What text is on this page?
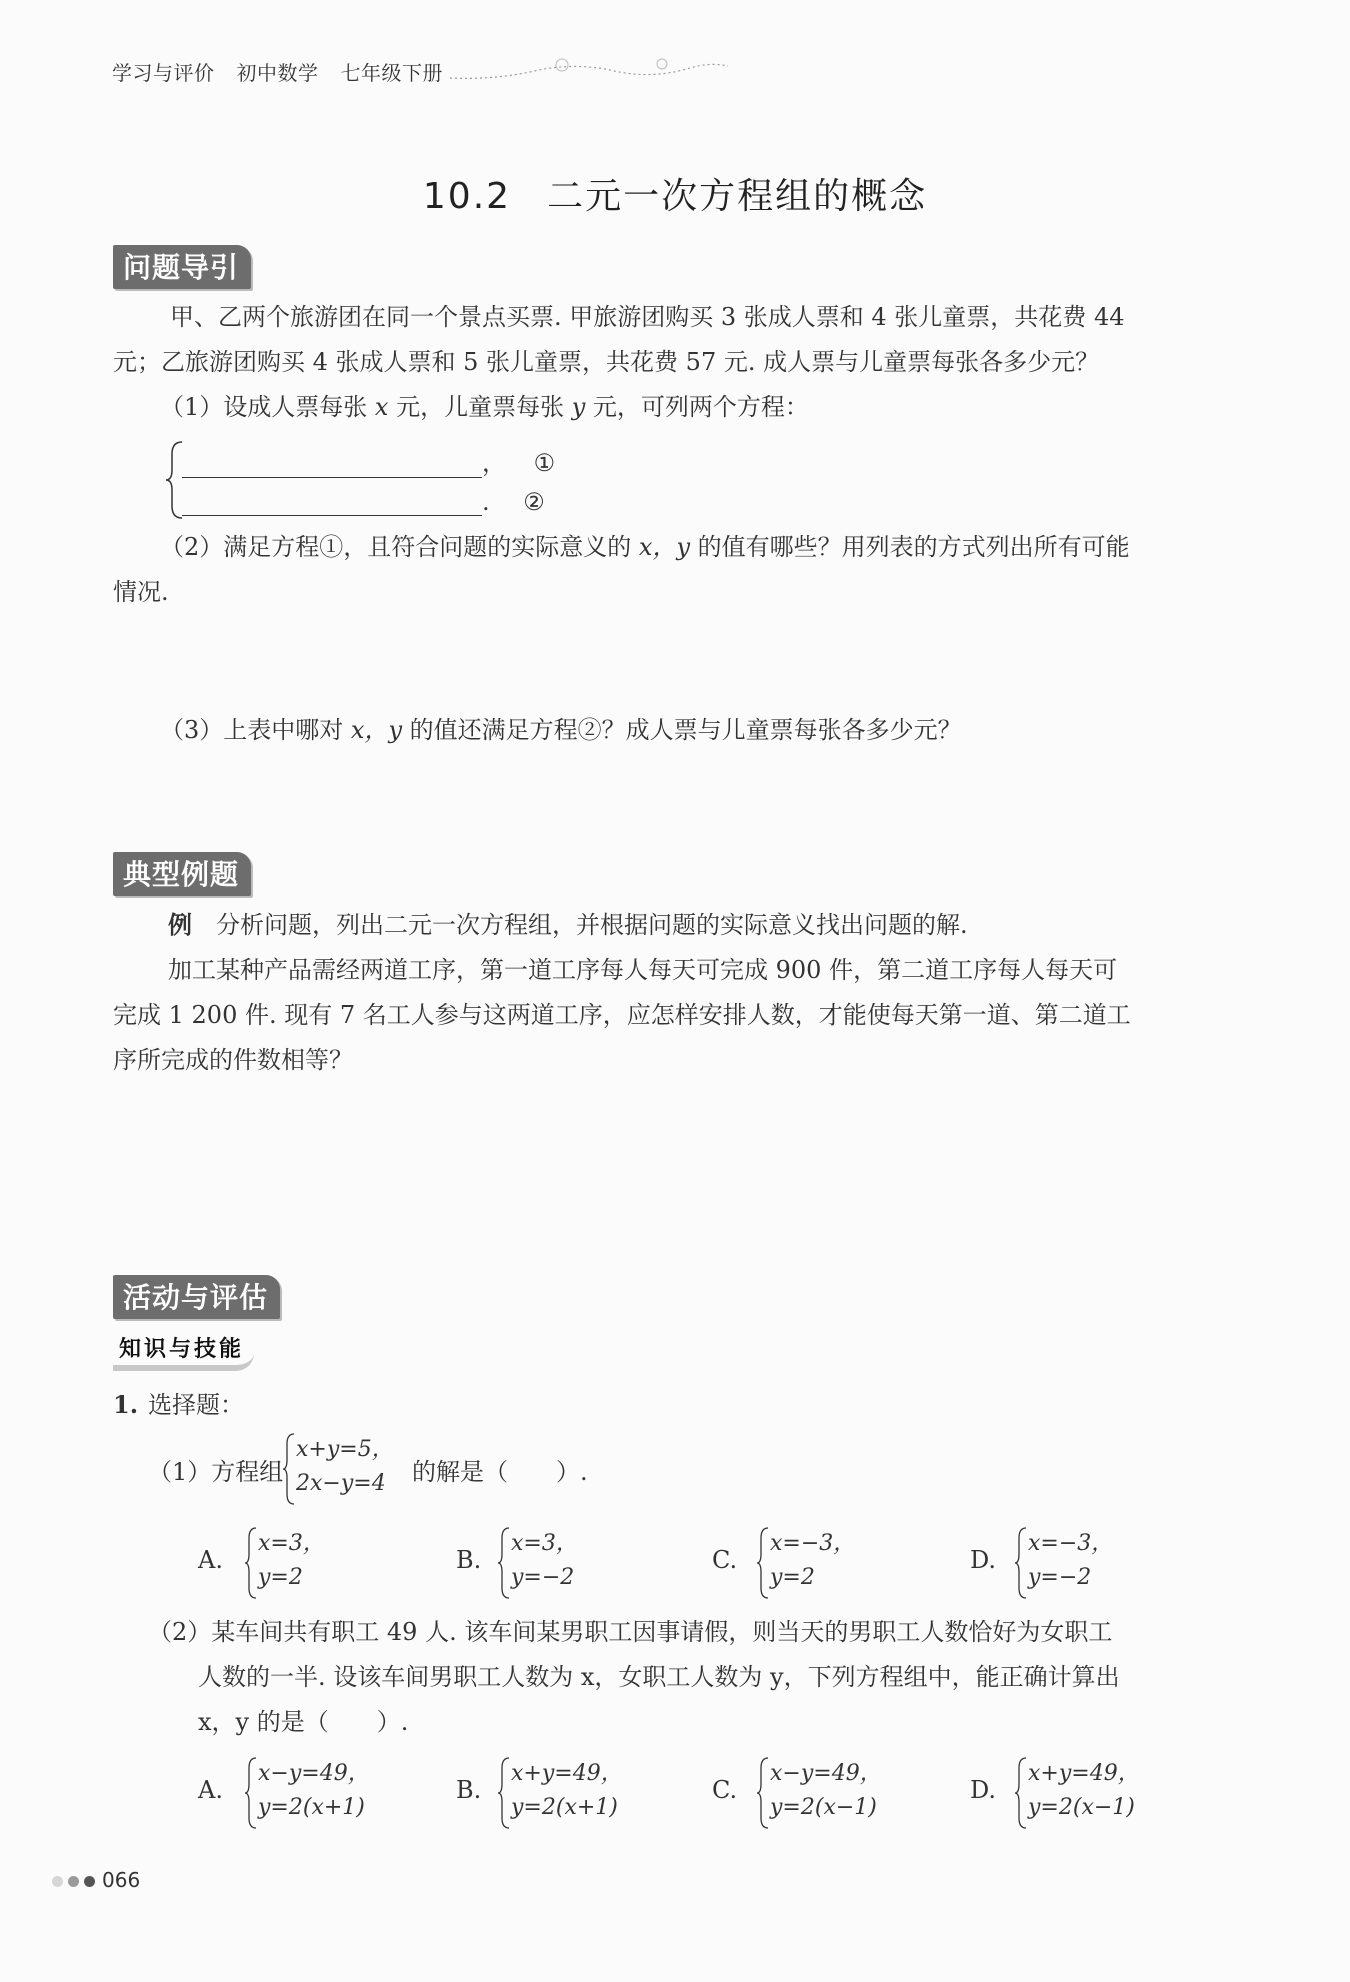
学习与评价 初中数学 七年级下册
10.2 二元一次方程组的概念
问题导引
甲、乙两个旅游团在同一个景点买票. 甲旅游团购买 3 张成人票和 4 张儿童票，共花费 44
元；乙旅游团购买 4 张成人票和 5 张儿童票，共花费 57 元. 成人票与儿童票每张各多少元？
（1）设成人票每张 x 元，儿童票每张 y 元，可列两个方程：
， ①
. ②
（2）满足方程①，且符合问题的实际意义的 x，y 的值有哪些？用列表的方式列出所有可能
情况.
（3）上表中哪对 x，y 的值还满足方程②？成人票与儿童票每张各多少元？
典型例题
例 分析问题，列出二元一次方程组，并根据问题的实际意义找出问题的解.
加工某种产品需经两道工序，第一道工序每人每天可完成 900 件，第二道工序每人每天可
完成 1 200 件. 现有 7 名工人参与这两道工序，应怎样安排人数，才能使每天第一道、第二道工
序所完成的件数相等？
活动与评估
知识与技能
1. 选择题：
（1）方程组
x+y=5，
2x−y=4	的解是（　　）.
A.
x=3，
y=2
B.
x=3，
y=−2
C.
x=−3，
y=2
D.
x=−3，
y=−2
（2）某车间共有职工 49 人. 该车间某男职工因事请假，则当天的男职工人数恰好为女职工
人数的一半. 设该车间男职工人数为 x，女职工人数为 y，下列方程组中，能正确计算出
x，y 的是（　　）.
A.
x−y=49，
y=2(x+1)
B.
x+y=49，
y=2(x+1)
C.
x−y=49，
y=2(x−1)
D.
x+y=49，
y=2(x−1)
066
